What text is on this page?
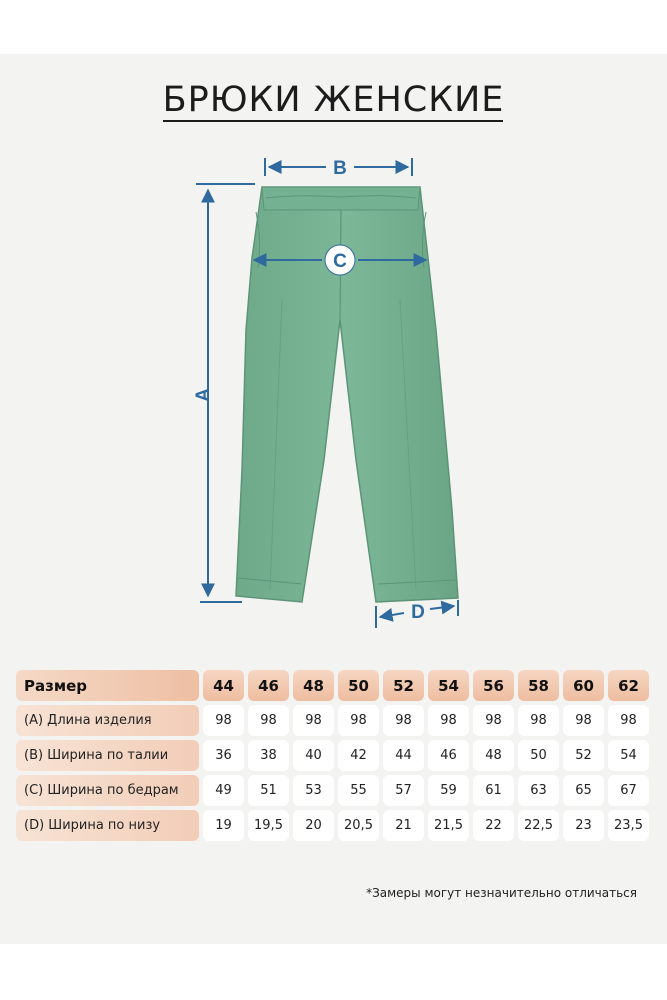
БРЮКИ ЖЕНСКИЕ
A
B
C
D
Размер	44	46	48	50	52	54	56	58	60	62
(A) Длина изделия	98	98	98	98	98	98	98	98	98	98
(B) Ширина по талии	36	38	40	42	44	46	48	50	52	54
(C) Ширина по бедрам	49	51	53	55	57	59	61	63	65	67
(D) Ширина по низу	19	19,5	20	20,5	21	21,5	22	22,5	23	23,5
*Замеры могут незначительно отличаться
